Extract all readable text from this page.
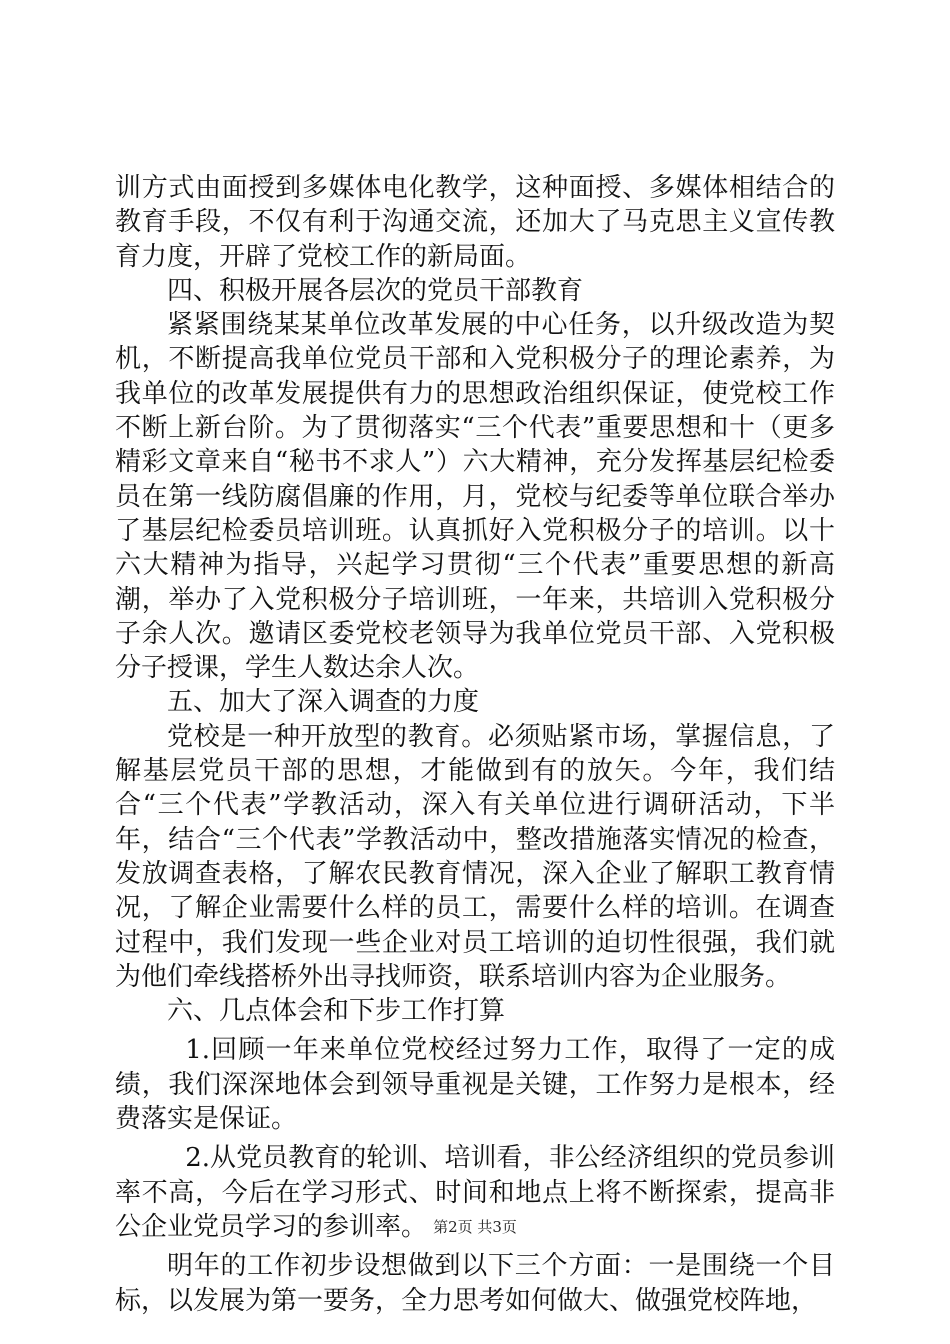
训方式由面授到多媒体电化教学，这种面授、多媒体相结合的教育手段，不仅有利于沟通交流，还加大了马克思主义宣传教育力度，开辟了党校工作的新局面。

四、积极开展各层次的党员干部教育

紧紧围绕某某单位改革发展的中心任务，以升级改造为契机，不断提高我单位党员干部和入党积极分子的理论素养，为我单位的改革发展提供有力的思想政治组织保证，使党校工作不断上新台阶。为了贯彻落实“三个代表”重要思想和十（更多精彩文章来自“秘书不求人”）六大精神，充分发挥基层纪检委员在第一线防腐倡廉的作用，月，党校与纪委等单位联合举办了基层纪检委员培训班。认真抓好入党积极分子的培训。以十六大精神为指导，兴起学习贯彻“三个代表”重要思想的新高潮，举办了入党积极分子培训班，一年来，共培训入党积极分子余人次。邀请区委党校老领导为我单位党员干部、入党积极分子授课，学生人数达余人次。

五、加大了深入调查的力度

党校是一种开放型的教育。必须贴紧市场，掌握信息，了解基层党员干部的思想，才能做到有的放矢。今年，我们结合“三个代表”学教活动，深入有关单位进行调研活动，下半年，结合“三个代表”学教活动中，整改措施落实情况的检查，发放调查表格，了解农民教育情况，深入企业了解职工教育情况，了解企业需要什么样的员工，需要什么样的培训。在调查过程中，我们发现一些企业对员工培训的迫切性很强，我们就为他们牵线搭桥外出寻找师资，联系培训内容为企业服务。

六、几点体会和下步工作打算

1.回顾一年来单位党校经过努力工作，取得了一定的成绩，我们深深地体会到领导重视是关键，工作努力是根本，经费落实是保证。

2.从党员教育的轮训、培训看，非公经济组织的党员参训率不高，今后在学习形式、时间和地点上将不断探索，提高非公企业党员学习的参训率。

明年的工作初步设想做到以下三个方面：一是围绕一个目标，以发展为第一要务，全力思考如何做大、做强党校阵地，

第2页 共3页
